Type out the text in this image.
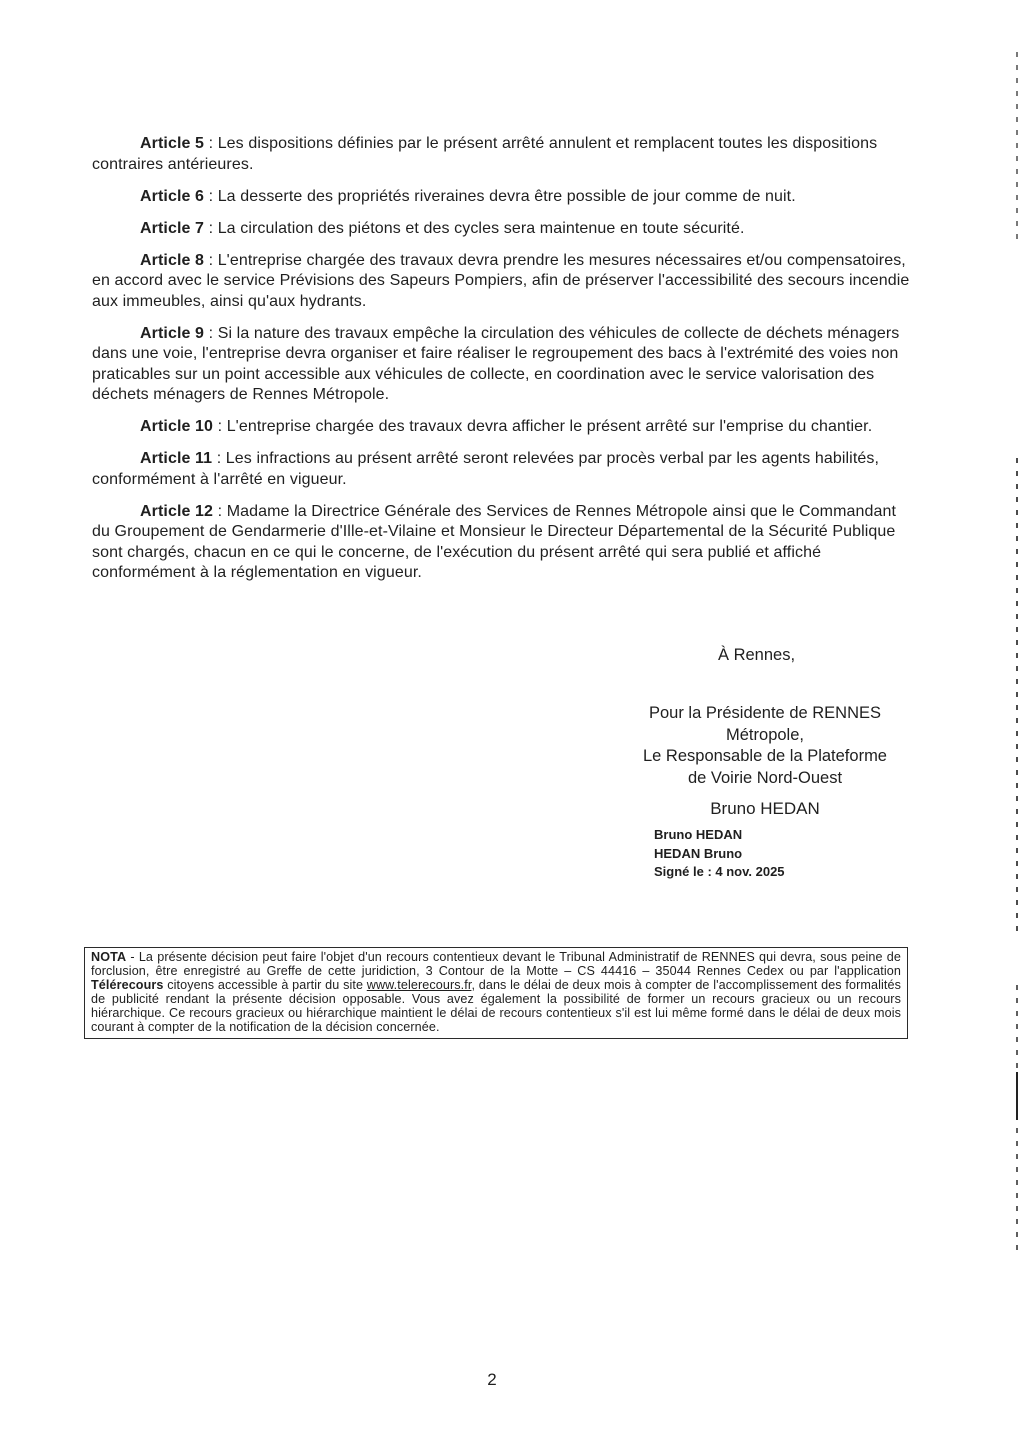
Article 5 : Les dispositions définies par le présent arrêté annulent et remplacent toutes les dispositions contraires antérieures.

Article 6 : La desserte des propriétés riveraines devra être possible de jour comme de nuit.

Article 7 : La circulation des piétons et des cycles sera maintenue en toute sécurité.

Article 8 : L'entreprise chargée des travaux devra prendre les mesures nécessaires et/ou compensatoires, en accord avec le service Prévisions des Sapeurs Pompiers, afin de préserver l'accessibilité des secours incendie aux immeubles, ainsi qu'aux hydrants.

Article 9 : Si la nature des travaux empêche la circulation des véhicules de collecte de déchets ménagers dans une voie, l'entreprise devra organiser et faire réaliser le regroupement des bacs à l'extrémité des voies non praticables sur un point accessible aux véhicules de collecte, en coordination avec le service valorisation des déchets ménagers de Rennes Métropole.

Article 10 : L'entreprise chargée des travaux devra afficher le présent arrêté sur l'emprise du chantier.

Article 11 : Les infractions au présent arrêté seront relevées par procès verbal par les agents habilités, conformément à l'arrêté en vigueur.

Article 12 : Madame la Directrice Générale des Services de Rennes Métropole ainsi que le Commandant du Groupement de Gendarmerie d'Ille-et-Vilaine et Monsieur le Directeur Départemental de la Sécurité Publique sont chargés, chacun en ce qui le concerne, de l'exécution du présent arrêté qui sera publié et affiché conformément à la réglementation en vigueur.

À Rennes,
Pour la Présidente de RENNES
Métropole,
Le Responsable de la Plateforme
de Voirie Nord-Ouest
Bruno HEDAN
Bruno HEDAN
HEDAN Bruno
Signé le : 4 nov. 2025
NOTA - La présente décision peut faire l'objet d'un recours contentieux devant le Tribunal Administratif de RENNES qui devra, sous peine de forclusion, être enregistré au Greffe de cette juridiction, 3 Contour de la Motte – CS 44416 – 35044 Rennes Cedex ou par l'application Télérecours citoyens accessible à partir du site www.telerecours.fr, dans le délai de deux mois à compter de l'accomplissement des formalités de publicité rendant la présente décision opposable. Vous avez également la possibilité de former un recours gracieux ou un recours hiérarchique. Ce recours gracieux ou hiérarchique maintient le délai de recours contentieux s'il est lui même formé dans le délai de deux mois courant à compter de la notification de la décision concernée.
2
